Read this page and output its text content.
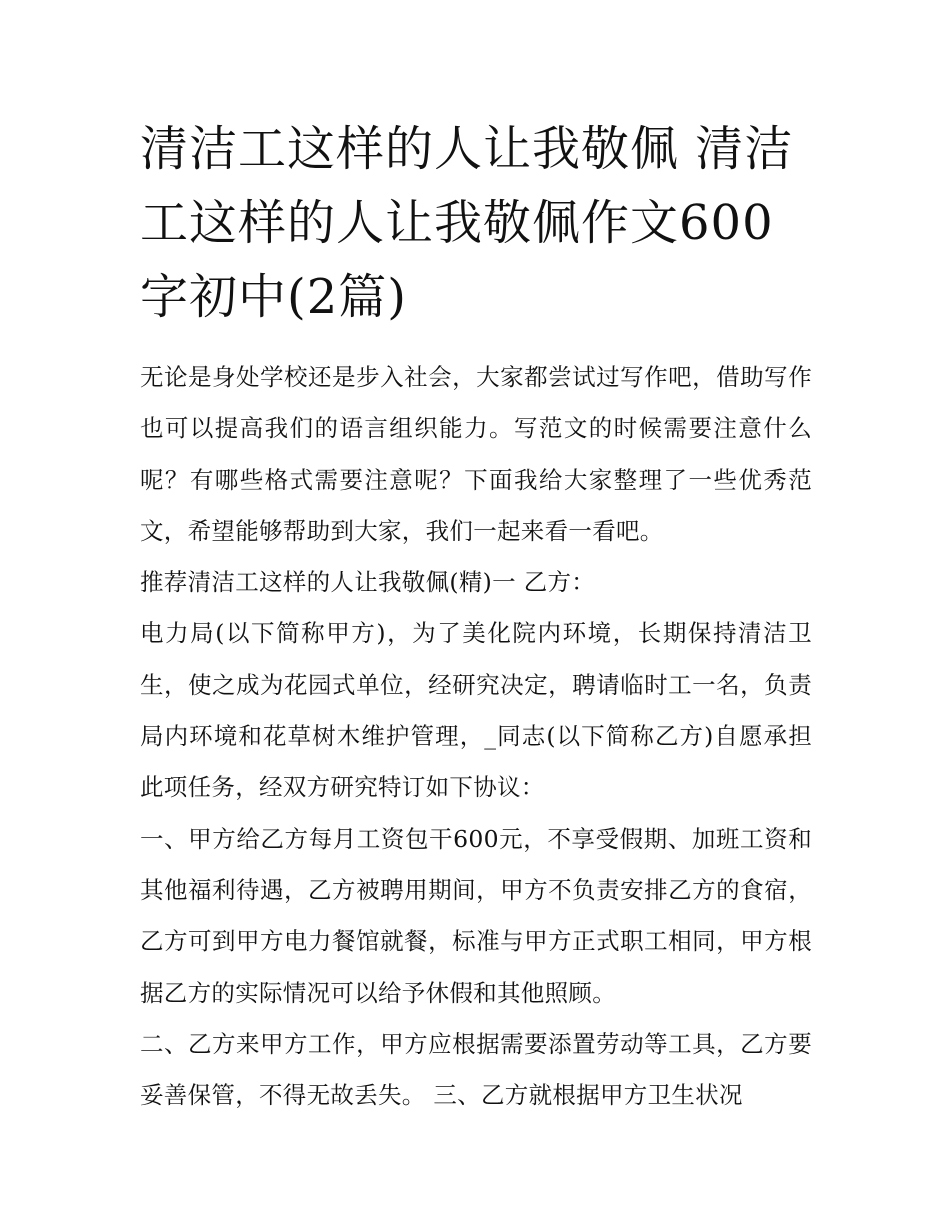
清洁工这样的人让我敬佩 清洁
工这样的人让我敬佩作文600
字初中(2篇)

无论是身处学校还是步入社会，大家都尝试过写作吧，借助写作也可以提高我们的语言组织能力。写范文的时候需要注意什么呢？有哪些格式需要注意呢？下面我给大家整理了一些优秀范文，希望能够帮助到大家，我们一起来看一看吧。

推荐清洁工这样的人让我敬佩(精)一 乙方：

电力局(以下简称甲方)，为了美化院内环境，长期保持清洁卫生，使之成为花园式单位，经研究决定，聘请临时工一名，负责局内环境和花草树木维护管理，_同志(以下简称乙方)自愿承担此项任务，经双方研究特订如下协议：

一、甲方给乙方每月工资包干600元，不享受假期、加班工资和其他福利待遇，乙方被聘用期间，甲方不负责安排乙方的食宿，乙方可到甲方电力餐馆就餐，标准与甲方正式职工相同，甲方根据乙方的实际情况可以给予休假和其他照顾。

二、乙方来甲方工作，甲方应根据需要添置劳动等工具，乙方要妥善保管，不得无故丢失。 三、乙方就根据甲方卫生状况
